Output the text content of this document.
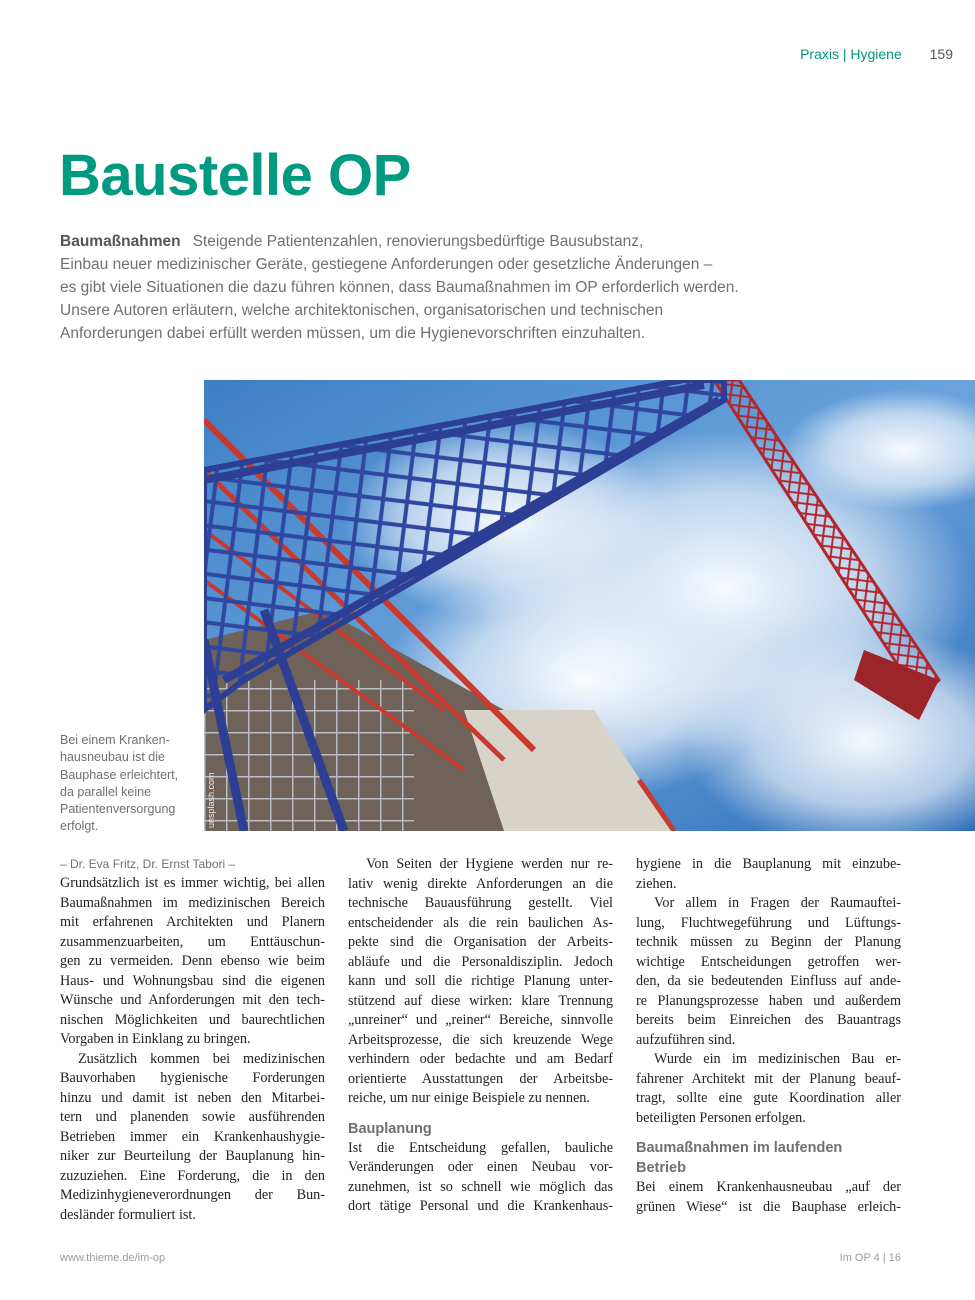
Praxis | Hygiene 159
Baustelle OP

Baumaßnahmen Steigende Patientenzahlen, renovierungsbedürftige Bausubstanz,
Einbau neuer medizinischer Geräte, gestiegene Anforderungen oder gesetzliche Änderungen –
es gibt viele Situationen die dazu führen können, dass Baumaßnahmen im OP erforderlich werden.
Unsere Autoren erläutern, welche architektonischen, organisatorischen und technischen
Anforderungen dabei erfüllt werden müssen, um die Hygienevorschriften einzuhalten.

unsplash.com
Bei einem Kranken-
hausneubau ist die
Bauphase erleichtert,
da parallel keine
Patientenversorgung
erfolgt.
– Dr. Eva Fritz, Dr. Ernst Tabori –
Grundsätzlich ist es immer wichtig, bei allen
Baumaßnahmen im medizinischen Bereich
mit erfahrenen Architekten und Planern
zusammenzuarbeiten, um Enttäuschun-
gen zu vermeiden. Denn ebenso wie beim
Haus- und Wohnungsbau sind die eigenen
Wünsche und Anforderungen mit den tech-
nischen Möglichkeiten und baurechtlichen
Vorgaben in Einklang zu bringen.
Zusätzlich kommen bei medizinischen
Bauvorhaben hygienische Forderungen
hinzu und damit ist neben den Mitarbei-
tern und planenden sowie ausführenden
Betrieben immer ein Krankenhaushygie-
niker zur Beurteilung der Bauplanung hin-
zuzuziehen. Eine Forderung, die in den
Medizinhygieneverordnungen der Bun-
desländer formuliert ist.
Von Seiten der Hygiene werden nur re-
lativ wenig direkte Anforderungen an die
technische Bauausführung gestellt. Viel
entscheidender als die rein baulichen As-
pekte sind die Organisation der Arbeits-
abläufe und die Personaldisziplin. Jedoch
kann und soll die richtige Planung unter-
stützend auf diese wirken: klare Trennung
„unreiner“ und „reiner“ Bereiche, sinnvolle
Arbeitsprozesse, die sich kreuzende Wege
verhindern oder bedachte und am Bedarf
orientierte Ausstattungen der Arbeitsbe-
reiche, um nur einige Beispiele zu nennen.
Bauplanung
Ist die Entscheidung gefallen, bauliche
Veränderungen oder einen Neubau vor-
zunehmen, ist so schnell wie möglich das
dort tätige Personal und die Krankenhaus-
hygiene in die Bauplanung mit einzube-
ziehen.
Vor allem in Fragen der Raumauftei-
lung, Fluchtwegeführung und Lüftungs-
technik müssen zu Beginn der Planung
wichtige Entscheidungen getroffen wer-
den, da sie bedeutenden Einfluss auf ande-
re Planungsprozesse haben und außerdem
bereits beim Einreichen des Bauantrags
aufzuführen sind.
Wurde ein im medizinischen Bau er-
fahrener Architekt mit der Planung beauf-
tragt, sollte eine gute Koordination aller
beteiligten Personen erfolgen.
Baumaßnahmen im laufenden
Betrieb
Bei einem Krankenhausneubau „auf der
grünen Wiese“ ist die Bauphase erleich-
www.thieme.de/im-op	Im OP 4 | 16
